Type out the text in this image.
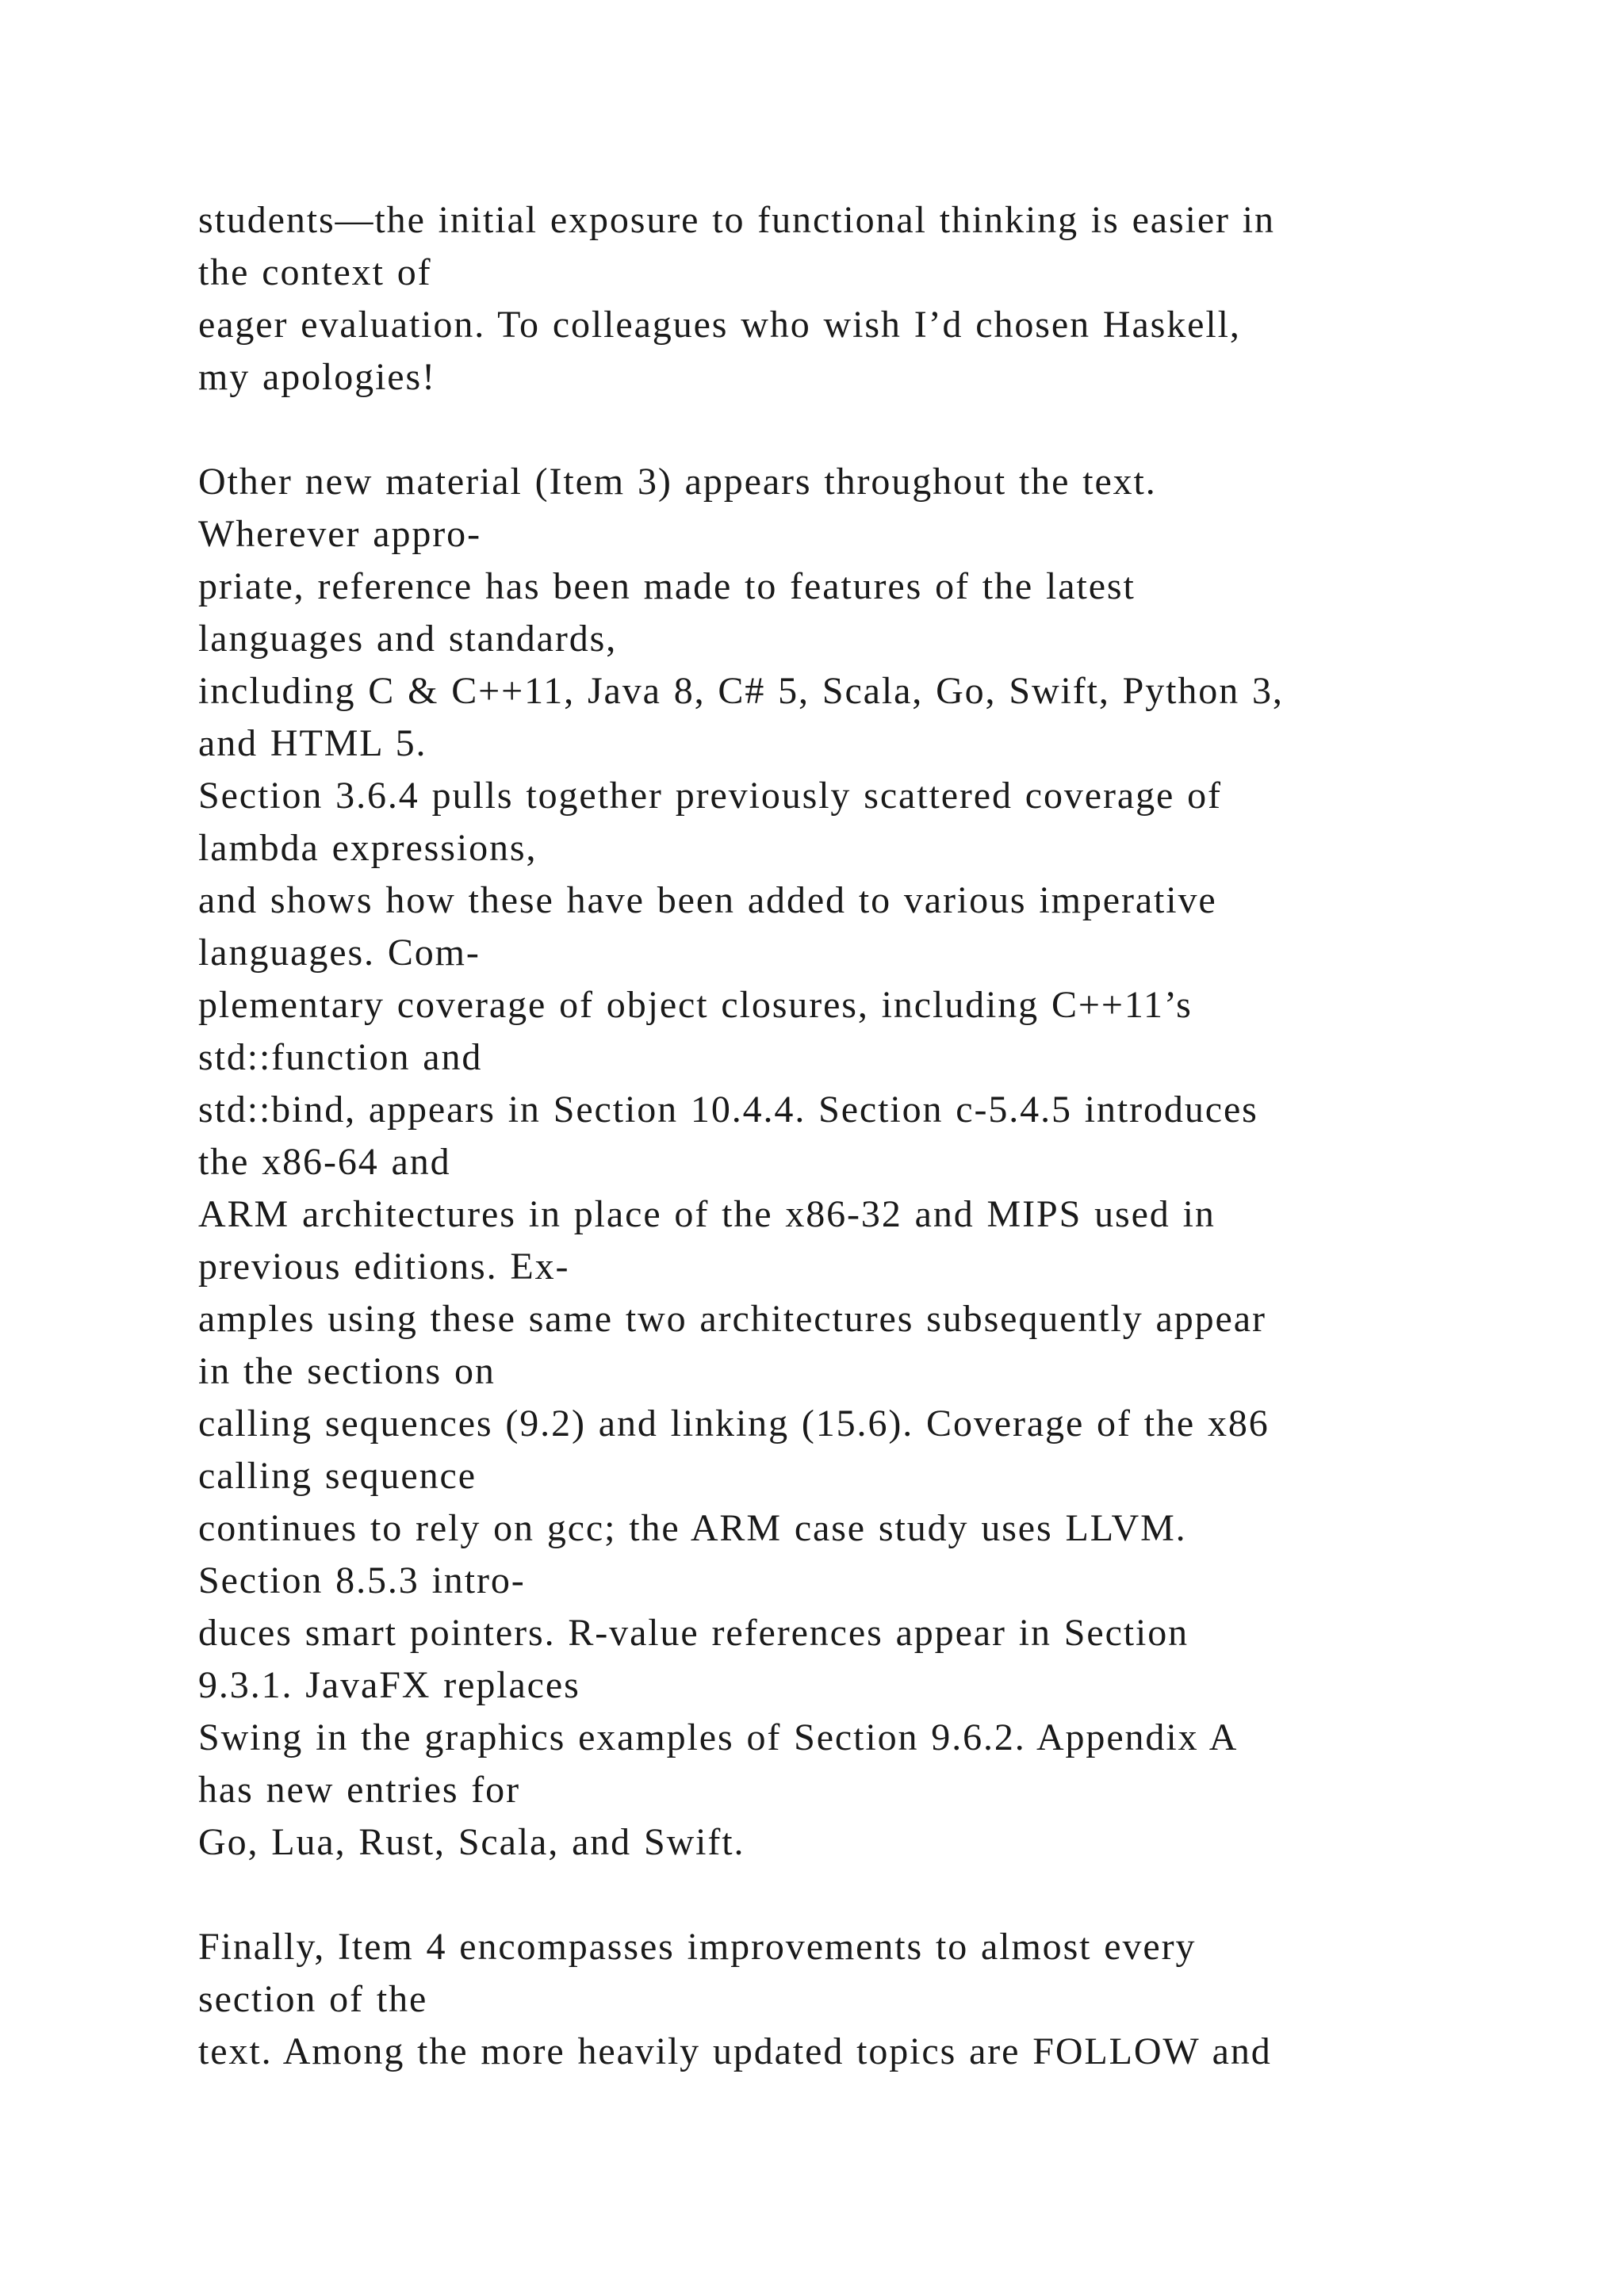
students—the initial exposure to functional thinking is easier in
the context of
eager evaluation. To colleagues who wish I’d chosen Haskell,
my apologies!
Other new material (Item 3) appears throughout the text.
Wherever appro-
priate, reference has been made to features of the latest
languages and standards,
including C & C++11, Java 8, C# 5, Scala, Go, Swift, Python 3,
and HTML 5.
Section 3.6.4 pulls together previously scattered coverage of
lambda expressions,
and shows how these have been added to various imperative
languages. Com-
plementary coverage of object closures, including C++11’s
std::function and
std::bind, appears in Section 10.4.4. Section c-5.4.5 introduces
the x86-64 and
ARM architectures in place of the x86-32 and MIPS used in
previous editions. Ex-
amples using these same two architectures subsequently appear
in the sections on
calling sequences (9.2) and linking (15.6). Coverage of the x86
calling sequence
continues to rely on gcc; the ARM case study uses LLVM.
Section 8.5.3 intro-
duces smart pointers. R-value references appear in Section
9.3.1. JavaFX replaces
Swing in the graphics examples of Section 9.6.2. Appendix A
has new entries for
Go, Lua, Rust, Scala, and Swift.
Finally, Item 4 encompasses improvements to almost every
section of the
text. Among the more heavily updated topics are FOLLOW and
